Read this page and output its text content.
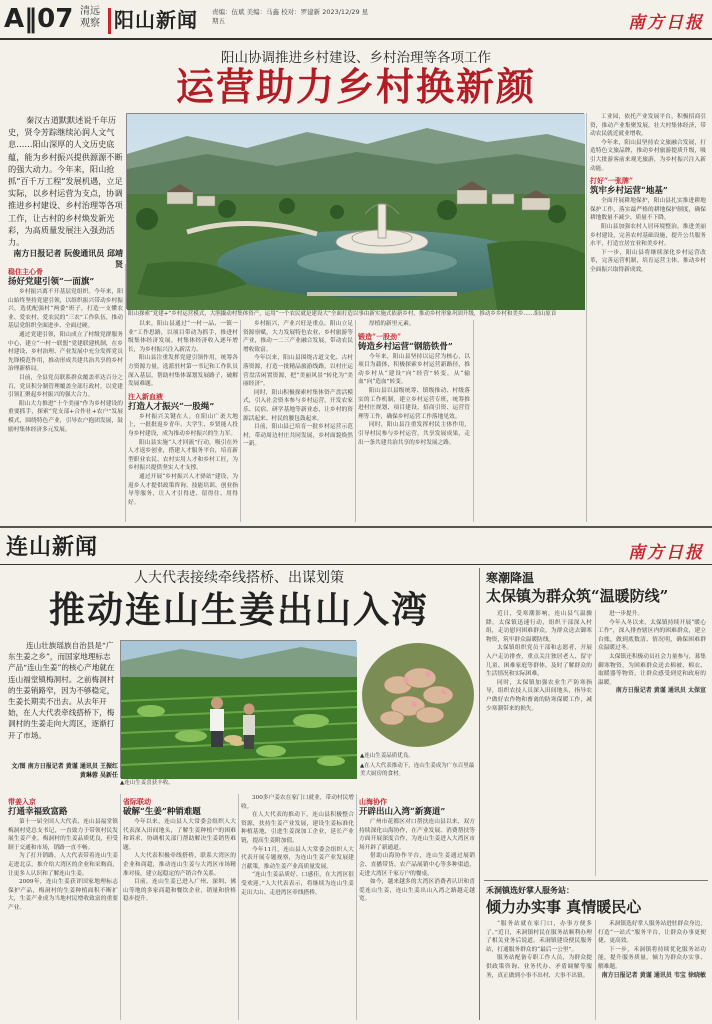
A‖07 清远观察 阳山新闻 责编：伍斌 美编：马鑫 校对：罗建新 2023/12/29 星期五	南方日报
阳山协调推进乡村建设、乡村治理等各项工作
运营助力乡村换新颜

秦汉古道默默述说千年历史，贤令芳踪继续沁润人文气息……阳山深厚的人文历史底蕴，能为乡村振兴提供源源不断的强大动力。今年来，阳山抢抓“百千万工程”发展机遇，立足实际，以乡村运营为支点，协调推进乡村建设、乡村治理等各项工作，让古村的乡村焕发新光彩，为高质量发展注入强劲活力。

南方日报记者 阮俊通讯员 邱靖贤

阳山探索“党建+”乡村运营模式，大胆撬动村集体资产，运用“一个农民就是建设大”全面打造以事由新实施式依新乡村，推动乡村形象巩固升级，推动乡乡村和美乡……阳山原首

稳住主心骨

扬好党建引领“一面旗”

乡村振兴离不开基层党组织。今年来，阳山始终坚持党建引领，以组织振兴带动乡村振兴，选优配强村“两委”班子，打造一支懂农业、爱农村、爱农民的“三农”工作队伍，推动基层党组织全面进步、全面过硬。

通过党建引领，阳山成立了村级党群服务中心，建立“一村一联盟”党建联建机制，在乡村建设、乡村治理、产业发展中充分发挥党员先锋模范作用，推动形成共建共治共享的乡村治理新格局。

目前，全县党员联系群众覆盖率达百分之百，党员积分制管理覆盖全部行政村，以党建引领汇聚起乡村振兴的强大合力。

阳山大力推进“十个美丽”作为乡村建设的重要抓手，探索“党支部+合作社+农户”发展模式，围绕特色产业，引导农户抱团发展，鼓励村集体经济多元发展。

以来，阳山县通过“一村一品、一镇一业”工作思路，以项目带动为抓手，推进村级集体经济发展，村集体经济收入逐年增长，为乡村振兴注入新活力。

阳山县注重发挥党建引领作用，统筹各方资源力量，选派驻村第一书记和工作队员深入基层，帮助村集体谋划发展路子，破解发展难题。

注入新血液

打造人才振兴“一股绳”

乡村振兴关键在人。在阳山广袤大地上，一批批返乡青年、大学生、乡贤能人投身乡村建设，成为推动乡村振兴的生力军。

阳山县实施“人才回流”行动，吸引在外人才返乡创业，搭建人才服务平台，培育新型职业农民、农村实用人才和乡村工匠，为乡村振兴提供坚实人才支撑。

通过开展“乡村振兴人才驿站”建设，为返乡人才提供政策咨询、技能培训、创业指导等服务，让人才引得进、留得住、用得好。

乡村振兴，产业兴旺是重点。阳山立足资源禀赋，大力发展特色农业、乡村旅游等产业，推动一二三产业融合发展，带动农民增收致富。

今年以来，阳山县围绕古道文化、古村落资源，打造一批精品旅游线路，以村庄运营盘活闲置资源，把“美丽风景”转化为“美丽经济”。

同时，阳山积极探索村集体资产盘活模式，引入社会资本参与乡村运营，开发农家乐、民宿、研学基地等新业态，让乡村的资源活起来、村民的腰包鼓起来。

目前，阳山县已培育一批乡村运营示范村，带动周边村庄共同发展，乡村面貌焕然一新。

厚植的新里元素。

锻造“一股劲”

铸造乡村运营“钢筋铁骨”

今年来，阳山县坚持以运营为核心，以项目为载体，积极探索乡村运营新路径，推动乡村从“建设”向“经营”转变，从“输血”向“造血”转变。

阳山县以县级统筹、镇级推动、村级落实的工作机制，建立乡村运营专班，统筹推进村庄规划、项目建设、招商引资、运营管理等工作，确保乡村运营工作落地见效。

同时，阳山县注重发挥村民主体作用，引导村民参与乡村运营，共享发展成果，走出一条共建共治共享的乡村发展之路。

工业园，依托产业发展平台，积极招商引资，推动产业集聚发展，壮大村集体经济，带动农民就近就业增收。

今年来，阳山县坚持农文旅融合发展，打造特色文旅品牌，推动乡村旅游提质升级，吸引大批游客前来观光旅游，为乡村振兴注入新动能。

打好“一张牌”

筑牢乡村运营“地基”

全面开展耕地保护，阳山县扎实推进耕地保护工作，落实最严格的耕地保护制度，确保耕地数量不减少、质量不下降。

阳山县加强农村人居环境整治，推进美丽乡村建设，完善农村基础设施，提升公共服务水平，打造宜居宜业和美乡村。

下一步，阳山县将继续深化乡村运营改革，完善运营机制，培育运营主体，推动乡村全面振兴取得新成效。

连山新闻	南方日报
人大代表接续牵线搭桥、出谋划策
推动连山生姜出山入湾

连山壮族瑶族自治县是“广东生姜之乡”，而国家地理标志产品“连山生姜”的核心产地就在连山福堂镇梅洞村。之前梅洞村的生姜销路窄，因为不够稳定，生姜长期卖不出去。从去年开始，在人大代表牵线搭桥下，梅洞村的生姜走向大湾区，逐渐打开了市场。

文/图 南方日报记者 黄谨 通讯员 王振红 黄琳蓉 吴新任
▲连山生姜喜获丰收。
▲连山生姜品质优良。
▲在人大代表推动下，连山生姜成为广东百里最美大厨房的食材。

带姜入京

打通幸福致富路

第十一届全国人大代表、连山县福堂镇梅洞村党总支书记，一直致力于带领村民发展生姜产业。梅洞村的生姜品质优良，但受制于交通和市场，销路一直不畅。

为了打开销路，人大代表带着连山生姜走进北京，推介给大湾区的企业和采购商，让更多人认识和了解连山生姜。

2009年，连山生姜获评国家地理标志保护产品，梅洞村的生姜种植面积不断扩大，生姜产业成为当地村民增收致富的重要产业。

省际联动

破解“生姜”种销难题

今年以来，连山县人大常委会组织人大代表深入田间地头，了解生姜种植户的困难和诉求，协调相关部门帮助解决生姜销售难题。

人大代表积极牵线搭桥，联系大湾区的企业和商超，推动连山生姜与大湾区市场精准对接，建立起稳定的产销合作关系。

目前，连山生姜已进入广州、深圳、佛山等地的多家商超和餐饮企业，销量和价格稳步提升。

300多户姜农在家门口就业，带动村民增收。

在人大代表的推动下，连山县积极整合资源，扶持生姜产业发展，建设生姜标准化种植基地，引进生姜深加工企业，延长产业链，提高生姜附加值。

今年11月，连山县人大常委会组织人大代表开展专题视察，为连山生姜产业发展建言献策，推动生姜产业高质量发展。

“连山生姜品质好、口感佳，在大湾区很受欢迎。”人大代表表示，将继续为连山生姜走出大山、走进湾区牵线搭桥。

山海协作

开辟出山入湾“新赛道”

广州市花都区对口帮扶连山县以来，双方持续深化山海协作，在产业发展、消费帮扶等方面开展深度合作，为连山生姜进入大湾区市场开辟了新通道。

借助山海协作平台，连山生姜通过展销会、直播带货、农产品展销中心等多种渠道，走进大湾区千家万户的餐桌。

如今，越来越多的大湾区消费者认识和喜爱连山生姜，连山生姜出山入湾之路越走越宽。

寒潮降温
太保镇为群众筑“温暖防线”

近日，受寒潮影响，连山县气温骤降。太保镇迅速行动，组织干部深入村组，走访慰问困难群众，为群众送去御寒物资，筑牢群众温暖防线。

太保镇组织党员干部和志愿者，开展入户走访排查，重点关注独居老人、留守儿童、困难家庭等群体，及时了解群众的生活情况和实际困难。

同时，太保镇加强农业生产防寒指导，组织农技人员深入田间地头，指导农户做好农作物和畜禽的防寒保暖工作，减少寒潮带来的损失。

进一步提升。

今年入冬以来，太保镇持续开展“暖心工作”，深入排查辖区内的困难群众，建立台账，做到底数清、情况明，确保困难群众温暖过冬。

太保镇还积极动员社会力量参与，募集御寒物资，为困难群众送去棉被、棉衣、取暖器等物资，让群众感受到党和政府的温暖。

南方日报记者 黄谨 通讯员 太保宣

禾洞镇选好掌人服务站：
倾力办实事 真情暖民心

“服务站就在家门口，办事方便多了。”近日，禾洞镇村民在服务站顺利办理了相关业务后说道。禾洞镇建设便民服务站，打通服务群众的“最后一公里”。

服务站配备专职工作人员，为群众提供政策咨询、业务代办、矛盾调解等服务，真正做到小事不出村、大事不出镇。

禾洞镇选好掌人服务站进驻群众身边，打造“一站式”服务平台，让群众办事更便捷、更高效。

下一步，禾洞镇将持续优化服务站功能，提升服务质量，倾力为群众办实事、解难题。

南方日报记者 黄谨 通讯员 韦宝 徐晓敏
